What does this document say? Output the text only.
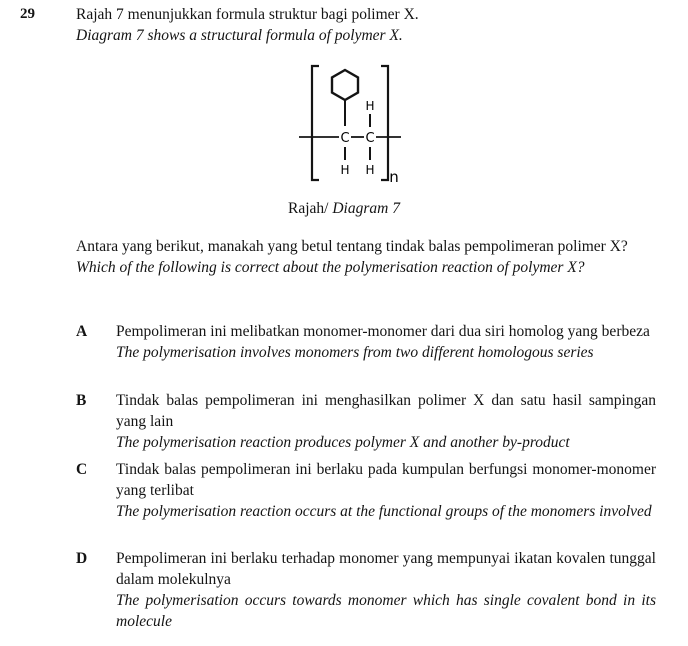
29	Rajah 7 menunjukkan formula struktur bagi polimer X.

Diagram 7 shows a structural formula of polymer X.

H
C C
H H n
Rajah/ Diagram 7

Antara yang berikut, manakah yang betul tentang tindak balas pempolimeran polimer X?

Which of the following is correct about the polymerisation reaction of polymer X?

A Pempolimeran ini melibatkan monomer-monomer dari dua siri homolog yang berbeza

The polymerisation involves monomers from two different homologous series

B Tindak balas pempolimeran ini menghasilkan polimer X dan satu hasil sampingan yang lain

The polymerisation reaction produces polymer X and another by-product

C Tindak balas pempolimeran ini berlaku pada kumpulan berfungsi monomer-monomer yang terlibat

The polymerisation reaction occurs at the functional groups of the monomers involved

D Pempolimeran ini berlaku terhadap monomer yang mempunyai ikatan kovalen tunggal dalam molekulnya

The polymerisation occurs towards monomer which has single covalent bond in its molecule
